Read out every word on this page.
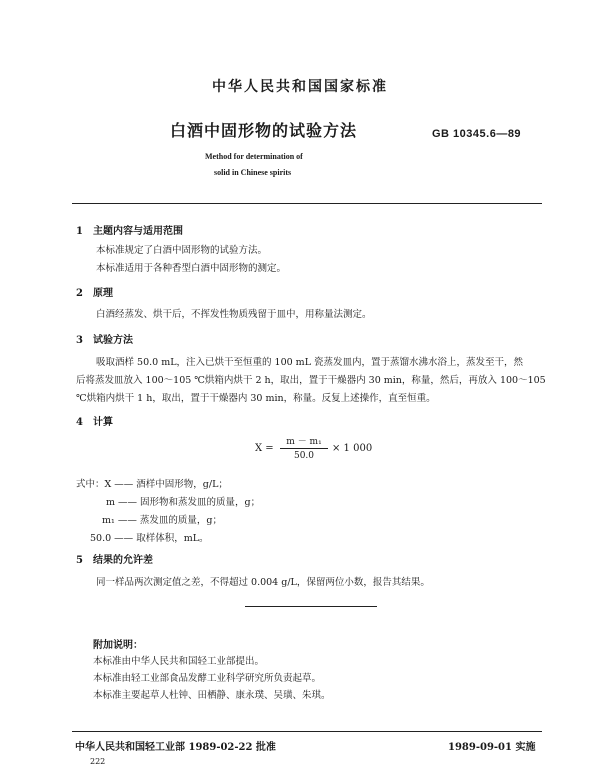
中华人民共和国国家标准
白酒中固形物的试验方法	GB 10345.6—89
Method for determination of
solid in Chinese spirits
1　主题内容与适用范围
本标准规定了白酒中固形物的试验方法。
本标准适用于各种香型白酒中固形物的测定。
2　原理
白酒经蒸发、烘干后，不挥发性物质残留于皿中，用称量法测定。
3　试验方法
吸取酒样 50.0 mL，注入已烘干至恒重的 100 mL 瓷蒸发皿内，置于蒸馏水沸水浴上，蒸发至干，然
后将蒸发皿放入 100～105 ℃烘箱内烘干 2 h，取出，置于干燥器内 30 min，称量，然后，再放入 100～105
℃烘箱内烘干 1 h，取出，置于干燥器内 30 min，称量。反复上述操作，直至恒重。
4　计算
X =
m － m₁
50.0
× 1 000
式中：X —— 酒样中固形物，g/L；
m —— 固形物和蒸发皿的质量，g；
m₁ —— 蒸发皿的质量，g；
50.0 —— 取样体积，mL。
5　结果的允许差
同一样品两次测定值之差，不得超过 0.004 g/L，保留两位小数，报告其结果。
附加说明：
本标准由中华人民共和国轻工业部提出。
本标准由轻工业部食品发酵工业科学研究所负责起草。
本标准主要起草人杜钟、田栖静、康永璞、吴璜、朱琪。
中华人民共和国轻工业部 1989-02-22 批准	1989-09-01 实施
222
